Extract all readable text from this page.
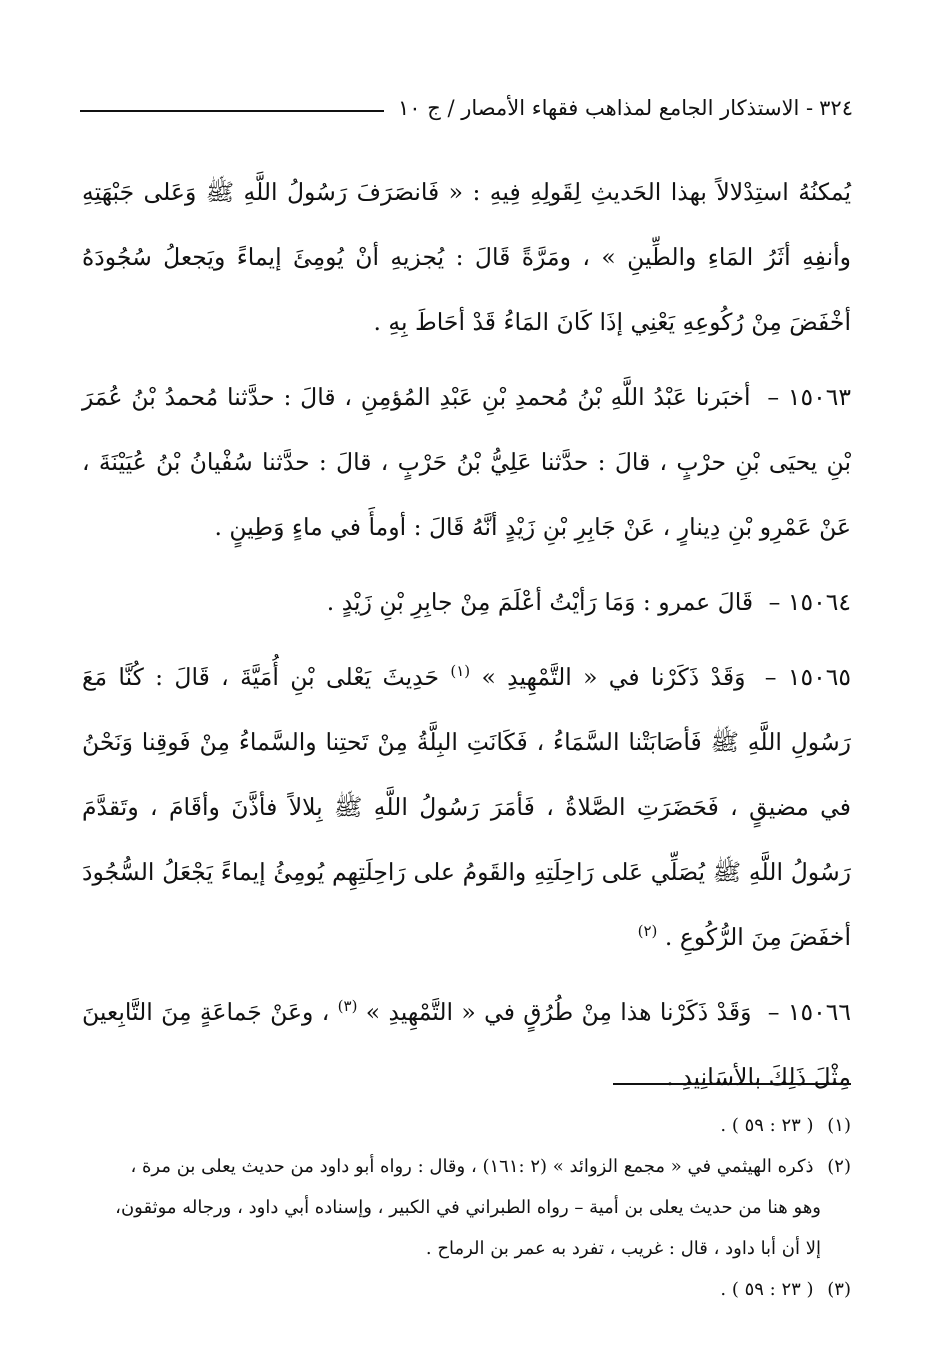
٣٢٤
- الاستذكار الجامع لمذاهب فقهاء الأمصار / ج ١٠

يُمكنُهُ استِدْلالاً بهذا الحَديثِ لِقَولِهِ فِيهِ : « فَانصَرَفَ رَسُولُ اللَّهِ ﷺ وَعَلى جَبْهَتِهِ وأنفِهِ أثَرُ المَاءِ والطِّينِ » ، ومَرَّةً قَالَ : يُجزيهِ أنْ يُومِئَ إيماءً ويَجعلُ سُجُودَهُ أخْفَضَ مِنْ رُكُوعِهِ يَعْنِي إذَا كَانَ المَاءُ قَدْ أحَاطَ بِهِ .

١٥٠٦٣ – أخبَرنا عَبْدُ اللَّهِ بْنُ مُحمدِ بْنِ عَبْدِ المُؤمِنِ ، قالَ : حدَّثنا مُحمدُ بْنُ عُمَرَ بْنِ يحيَى بْنِ حرْبٍ ، قالَ : حدَّثنا عَلِيُّ بْنُ حَرْبٍ ، قالَ : حدَّثنا سُفْيانُ بْنُ عُيَيْنَةَ ، عَنْ عَمْرِو بْنِ دِينارٍ ، عَنْ جَابِرِ بْنِ زَيْدٍ أنَّهُ قَالَ : أومأَ في ماءٍ وَطِينٍ .

١٥٠٦٤ – قَالَ عمرو : وَمَا رَأيْتُ أعْلَمَ مِنْ جابِرِ بْنِ زَيْدٍ .

١٥٠٦٥ – وَقَدْ ذَكَرْنا في « التَّمْهِيدِ » $^{(١)}$ حَدِيثَ يَعْلى بْنِ أُمَيَّةَ ، قَالَ : كُنَّا مَعَ رَسُولِ اللَّهِ ﷺ فَأصَابَتْنا السَّمَاءُ ، فَكَانَتِ البِلَّةُ مِنْ تَحتِنا والسَّماءُ مِنْ فَوقِنا وَنَحْنُ في مضيقٍ ، فَحَضَرَتِ الصَّلاةُ ، فَأمَرَ رَسُولُ اللَّهِ ﷺ بِلالاً فأذَّنَ وأقَامَ ، وتَقدَّمَ رَسُولُ اللَّهِ ﷺ يُصَلِّي عَلى رَاحِلَتِهِ والقَومُ على رَاحِلَتِهِم يُومِئُ إيماءً يَجْعَلُ السُّجُودَ أخفَضَ مِنَ الرُّكُوعِ . $^{(٢)}$

١٥٠٦٦ – وَقَدْ ذَكَرْنا هذا مِنْ طُرُقٍ في « التَّمْهِيدِ » $^{(٣)}$ ، وعَنْ جَماعَةٍ مِنَ التَّابِعينَ مِثْلَ ذَلِكَ بالأسَانِيدِ .

(١) ( ٢٣ : ٥٩ ) .

(٢) ذكره الهيثمي في « مجمع الزوائد » (٢ :١٦١) ، وقال : رواه أبو داود من حديث يعلى بن مرة ،

وهو هنا من حديث يعلى بن أمية – رواه الطبراني في الكبير ، وإسناده أبي داود ، ورجاله موثقون،

إلا أن أبا داود ، قال : غريب ، تفرد به عمر بن الرماح .

(٣) ( ٢٣ : ٥٩ ) .
